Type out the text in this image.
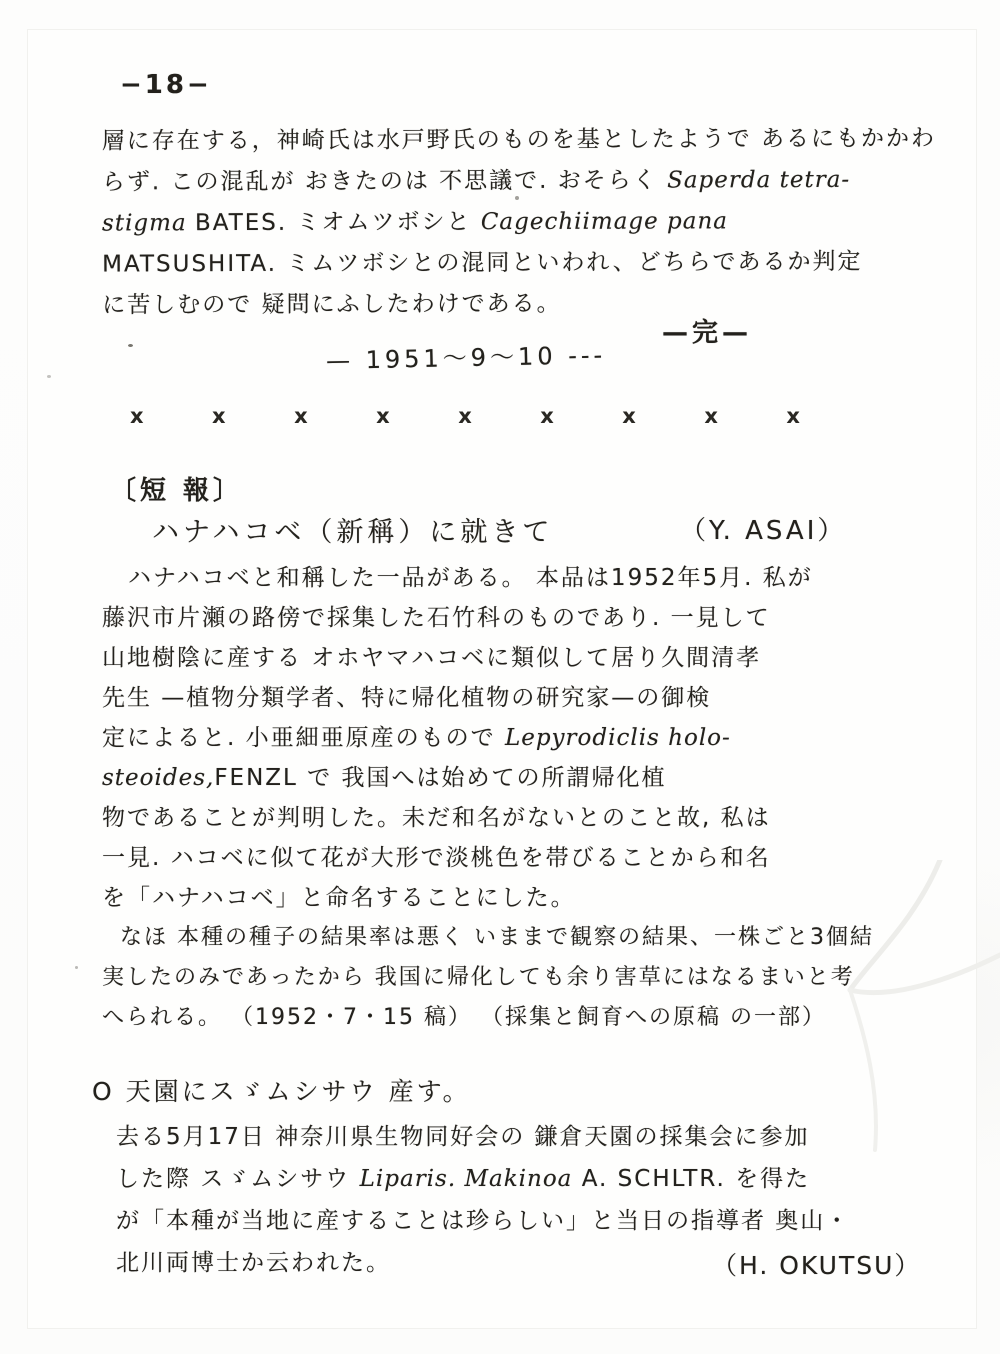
−18−
層に存在する，神崎氏は水戸野氏のものを基としたようで あるにもかかわ
らず. この混乱が おきたのは 不思議で. おそらく Saperda tetra-
stigma BATES. ミオムツボシと Cagechiimage pana
MATSUSHITA. ミムツボシとの混同といわれ、どちらであるか判定
に苦しむので 疑問にふしたわけである。
—完—
— 1951〜9〜10 ---
x	x	x	x	x	x	x	x	x
〔短 報〕
ハナハコベ（新稱）に就きて	（Y. ASAI）
ハナハコベと和稱した一品がある。 本品は1952年5月. 私が
藤沢市片瀬の路傍で採集した石竹科のものであり. 一見して
山地樹陰に産する オホヤマハコベに類似して居り久間清孝
先生 —植物分類学者、特に帰化植物の研究家—の御検
定によると. 小亜細亜原産のもので Lepyrodiclis holo-
steoides,FENZL で 我国へは始めての所謂帰化植
物であることが判明した。未だ和名がないとのこと故, 私は
一見. ハコベに似て花が大形で淡桃色を帯びることから和名
を「ハナハコベ」と命名することにした。
なほ 本種の種子の結果率は悪く いままで観察の結果、一株ごと3個結
実したのみであったから 我国に帰化しても余り害草にはなるまいと考
へられる。 （1952・7・15 稿） （採集と飼育への原稿 の一部）
O 天園にスゞムシサウ 産す。
去る5月17日 神奈川県生物同好会の 鎌倉天園の採集会に参加
した際 スゞムシサウ Liparis. Makinoa A. SCHLTR. を得た
が「本種が当地に産することは珍らしい」と当日の指導者 奥山・
北川両博士か云われた。	（H. OKUTSU）
